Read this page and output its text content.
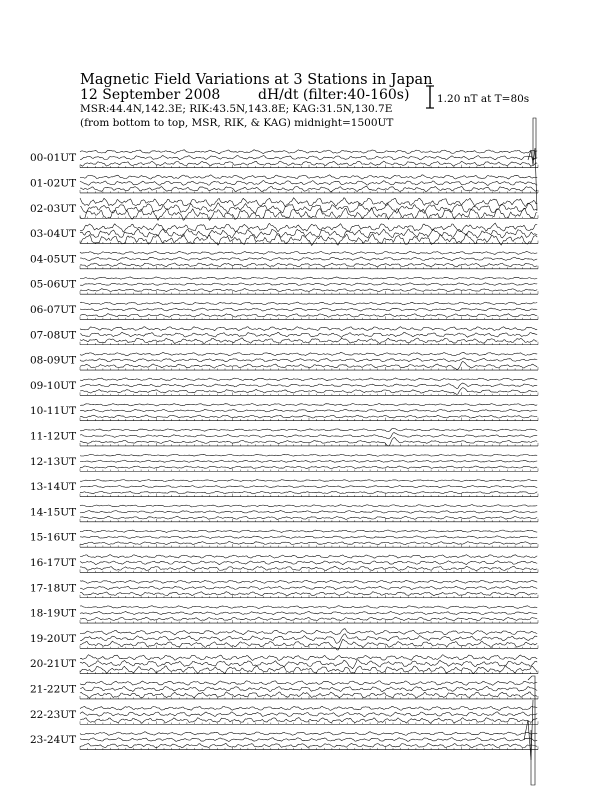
00-01UT
01-02UT
02-03UT
03-04UT
04-05UT
05-06UT
06-07UT
07-08UT
08-09UT
09-10UT
10-11UT
11-12UT
12-13UT
13-14UT
14-15UT
15-16UT
16-17UT
17-18UT
18-19UT
19-20UT
20-21UT
21-22UT
22-23UT
23-24UT
Magnetic Field Variations at 3 Stations in Japan
12 September 2008	dH/dt (filter:40-160s)
MSR:44.4N,142.3E; RIK:43.5N,143.8E; KAG:31.5N,130.7E
(from bottom to top, MSR, RIK, & KAG) midnight=1500UT
1.20 nT at T=80s
